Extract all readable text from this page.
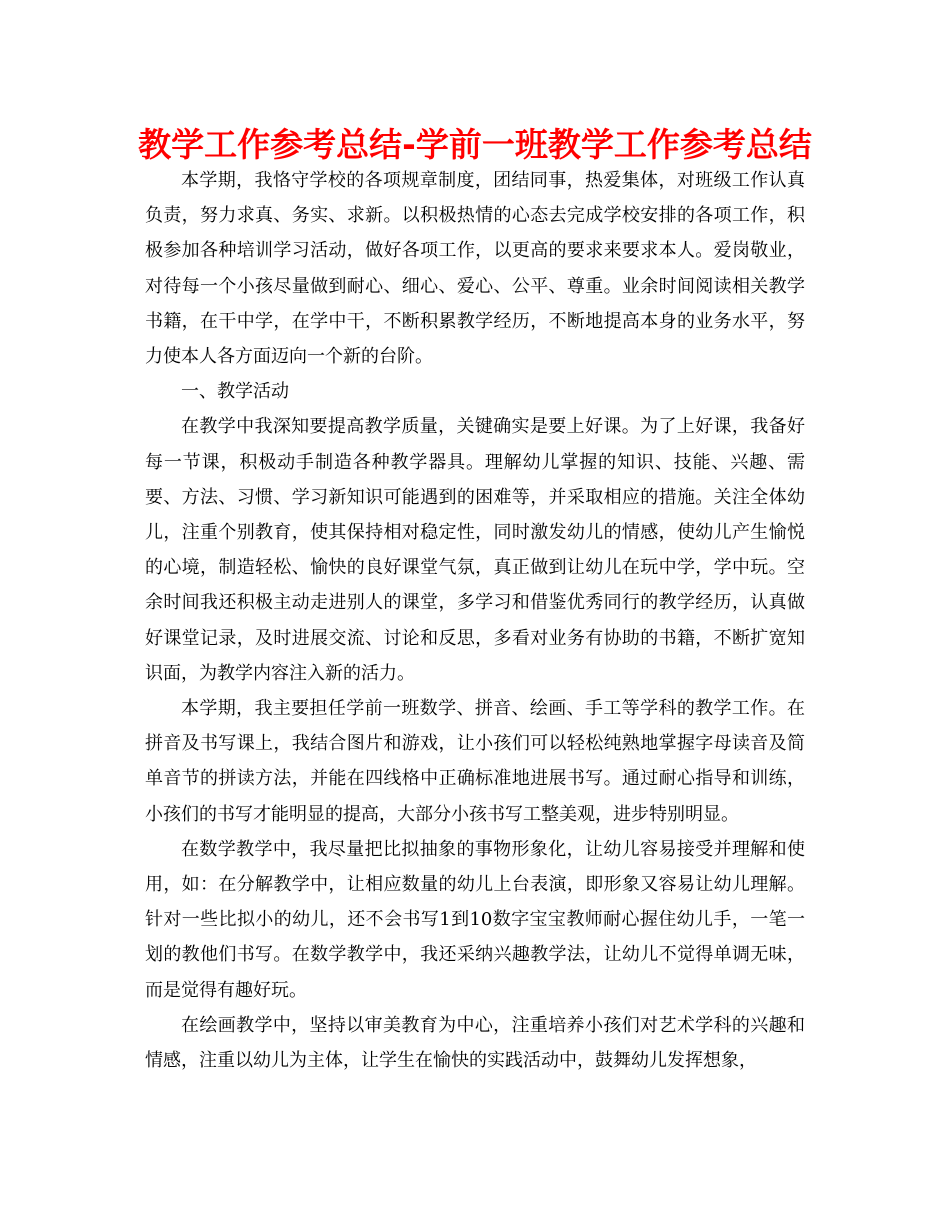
教学工作参考总结-学前一班教学工作参考总结

本学期，我恪守学校的各项规章制度，团结同事，热爱集体，对班级工作认真负责，努力求真、务实、求新。以积极热情的心态去完成学校安排的各项工作，积极参加各种培训学习活动，做好各项工作，以更高的要求来要求本人。爱岗敬业，对待每一个小孩尽量做到耐心、细心、爱心、公平、尊重。业余时间阅读相关教学书籍，在干中学，在学中干，不断积累教学经历，不断地提高本身的业务水平，努力使本人各方面迈向一个新的台阶。

一、教学活动

在教学中我深知要提高教学质量，关键确实是要上好课。为了上好课，我备好每一节课，积极动手制造各种教学器具。理解幼儿掌握的知识、技能、兴趣、需要、方法、习惯、学习新知识可能遇到的困难等，并采取相应的措施。关注全体幼儿，注重个别教育，使其保持相对稳定性，同时激发幼儿的情感，使幼儿产生愉悦的心境，制造轻松、愉快的良好课堂气氛，真正做到让幼儿在玩中学，学中玩。空余时间我还积极主动走进别人的课堂，多学习和借鉴优秀同行的教学经历，认真做好课堂记录，及时进展交流、讨论和反思，多看对业务有协助的书籍，不断扩宽知识面，为教学内容注入新的活力。

本学期，我主要担任学前一班数学、拼音、绘画、手工等学科的教学工作。在拼音及书写课上，我结合图片和游戏，让小孩们可以轻松纯熟地掌握字母读音及简单音节的拼读方法，并能在四线格中正确标准地进展书写。通过耐心指导和训练，小孩们的书写才能明显的提高，大部分小孩书写工整美观，进步特别明显。

在数学教学中，我尽量把比拟抽象的事物形象化，让幼儿容易接受并理解和使用，如：在分解教学中，让相应数量的幼儿上台表演，即形象又容易让幼儿理解。针对一些比拟小的幼儿，还不会书写1到10数字宝宝教师耐心握住幼儿手，一笔一划的教他们书写。在数学教学中，我还采纳兴趣教学法，让幼儿不觉得单调无味，而是觉得有趣好玩。

在绘画教学中，坚持以审美教育为中心，注重培养小孩们对艺术学科的兴趣和情感，注重以幼儿为主体，让学生在愉快的实践活动中，鼓舞幼儿发挥想象，
